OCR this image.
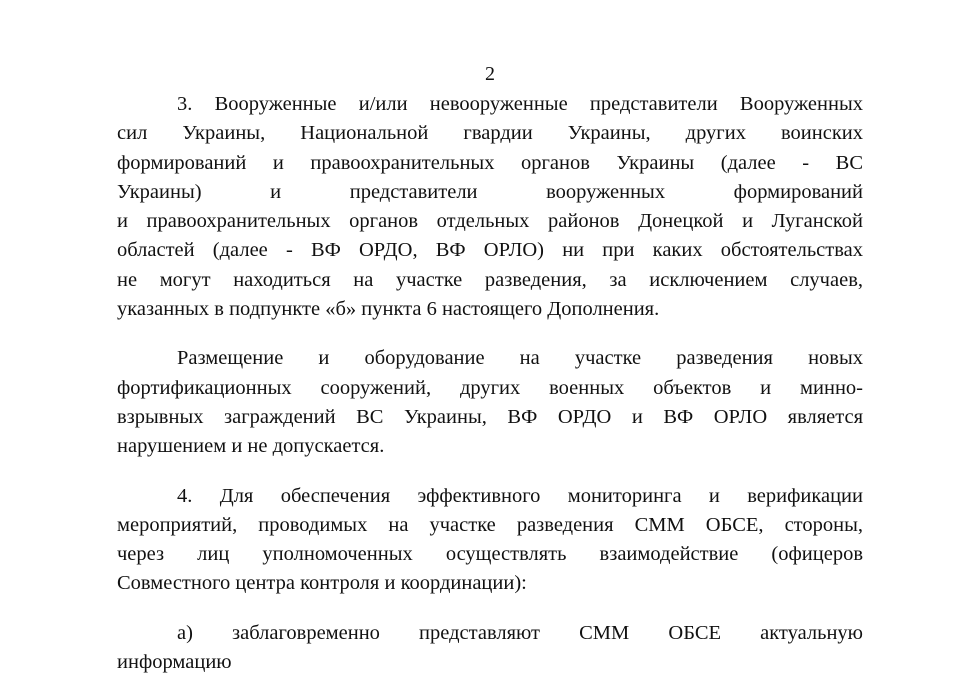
2

3. Вооруженные и/или невооруженные представители Вооруженных
сил Украины, Национальной гвардии Украины, других воинских
формирований и правоохранительных органов Украины (далее - ВС
Украины) и представители вооруженных формирований
и правоохранительных органов отдельных районов Донецкой и Луганской
областей (далее - ВФ ОРДО, ВФ ОРЛО) ни при каких обстоятельствах
не могут находиться на участке разведения, за исключением случаев,
указанных в подпункте «б» пункта 6 настоящего Дополнения.

Размещение и оборудование на участке разведения новых
фортификационных сооружений, других военных объектов и минно-
взрывных заграждений ВС Украины, ВФ ОРДО и ВФ ОРЛО является
нарушением и не допускается.

4. Для обеспечения эффективного мониторинга и верификации
мероприятий, проводимых на участке разведения СММ ОБСЕ, стороны,
через лиц уполномоченных осуществлять взаимодействие (офицеров
Совместного центра контроля и координации):

а) заблаговременно представляют СММ ОБСЕ актуальную
информацию
